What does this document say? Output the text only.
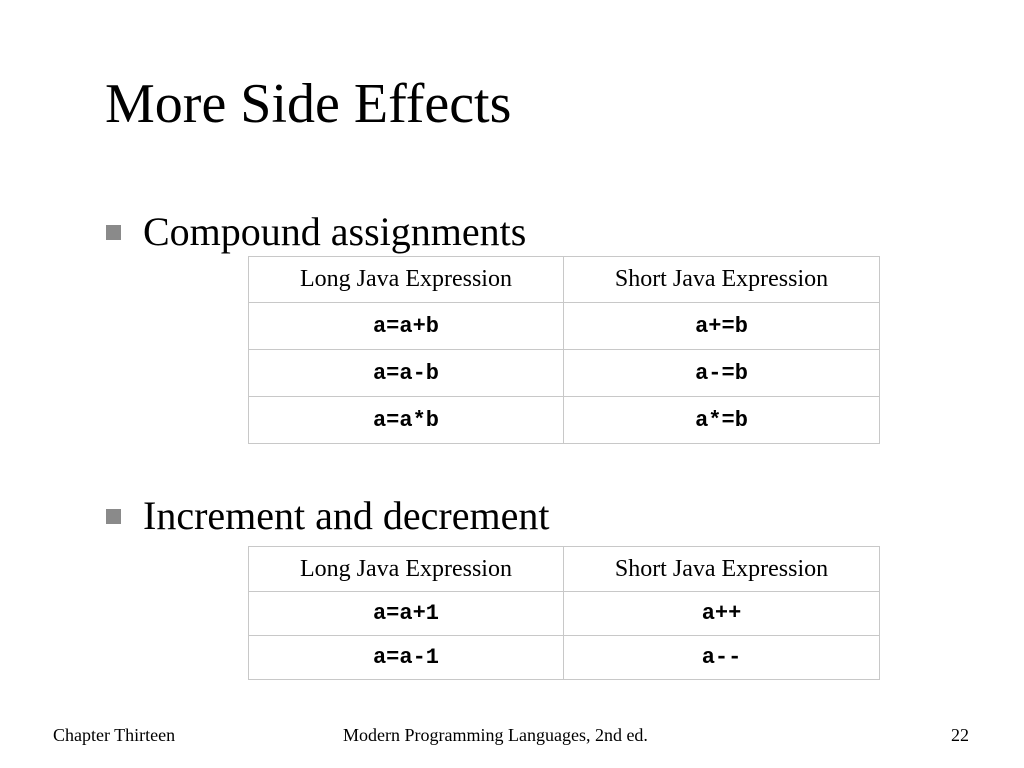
More Side Effects
Compound assignments
Long Java Expression	Short Java Expression
a=a+b	a+=b
a=a-b	a-=b
a=a*b	a*=b
Increment and decrement
Long Java Expression	Short Java Expression
a=a+1	a++
a=a-1	a--
Chapter Thirteen	Modern Programming Languages, 2nd ed.	22
